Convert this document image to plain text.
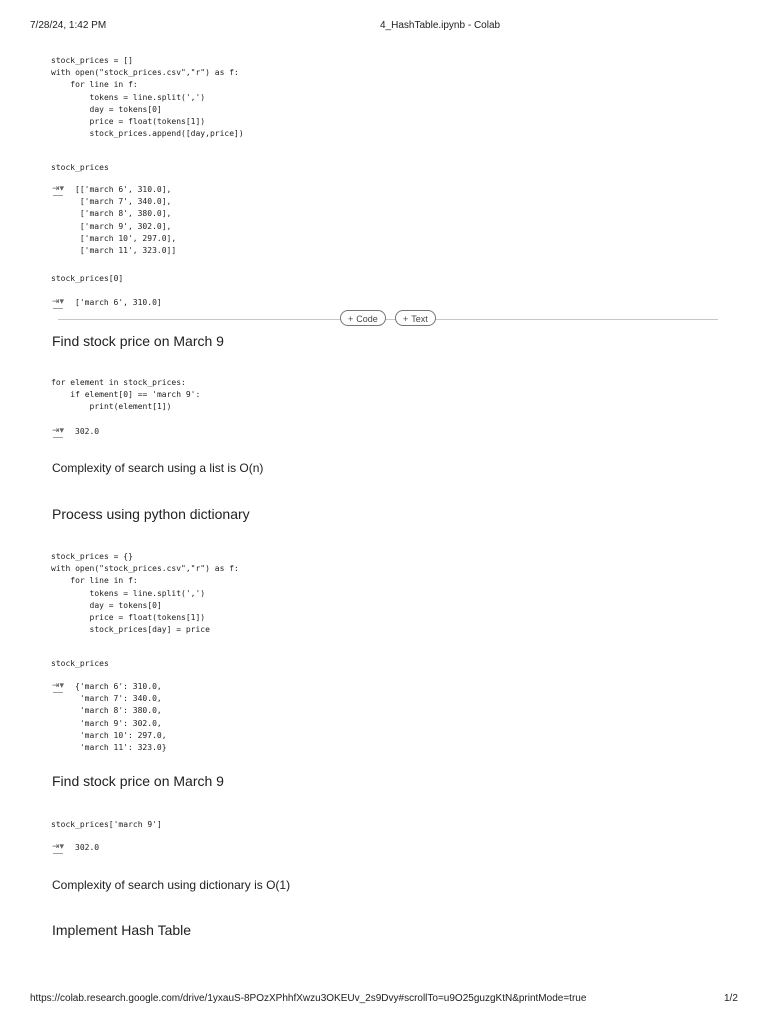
7/28/24, 1:42 PM	4_HashTable.ipynb - Colab
stock_prices = []
with open("stock_prices.csv","r") as f:
for line in f:
tokens = line.split(',')
day = tokens[0]
price = float(tokens[1])
stock_prices.append([day,price])
stock_prices
⇥▾ [['march 6', 310.0],
['march 7', 340.0],
['march 8', 380.0],
['march 9', 302.0],
['march 10', 297.0],
['march 11', 323.0]]
stock_prices[0]
⇥▾ ['march 6', 310.0]
+ Code	+ Text
Find stock price on March 9
for element in stock_prices:
if element[0] == 'march 9':
print(element[1])
⇥▾ 302.0
Complexity of search using a list is O(n)
Process using python dictionary
stock_prices = {}
with open("stock_prices.csv","r") as f:
for line in f:
tokens = line.split(',')
day = tokens[0]
price = float(tokens[1])
stock_prices[day] = price
stock_prices
⇥▾ {'march 6': 310.0,
'march 7': 340.0,
'march 8': 380.0,
'march 9': 302.0,
'march 10': 297.0,
'march 11': 323.0}
Find stock price on March 9
stock_prices['march 9']
⇥▾ 302.0
Complexity of search using dictionary is O(1)
Implement Hash Table
https://colab.research.google.com/drive/1yxauS-8POzXPhhfXwzu3OKEUv_2s9Dvy#scrollTo=u9O25guzgKtN&printMode=true	1/2
